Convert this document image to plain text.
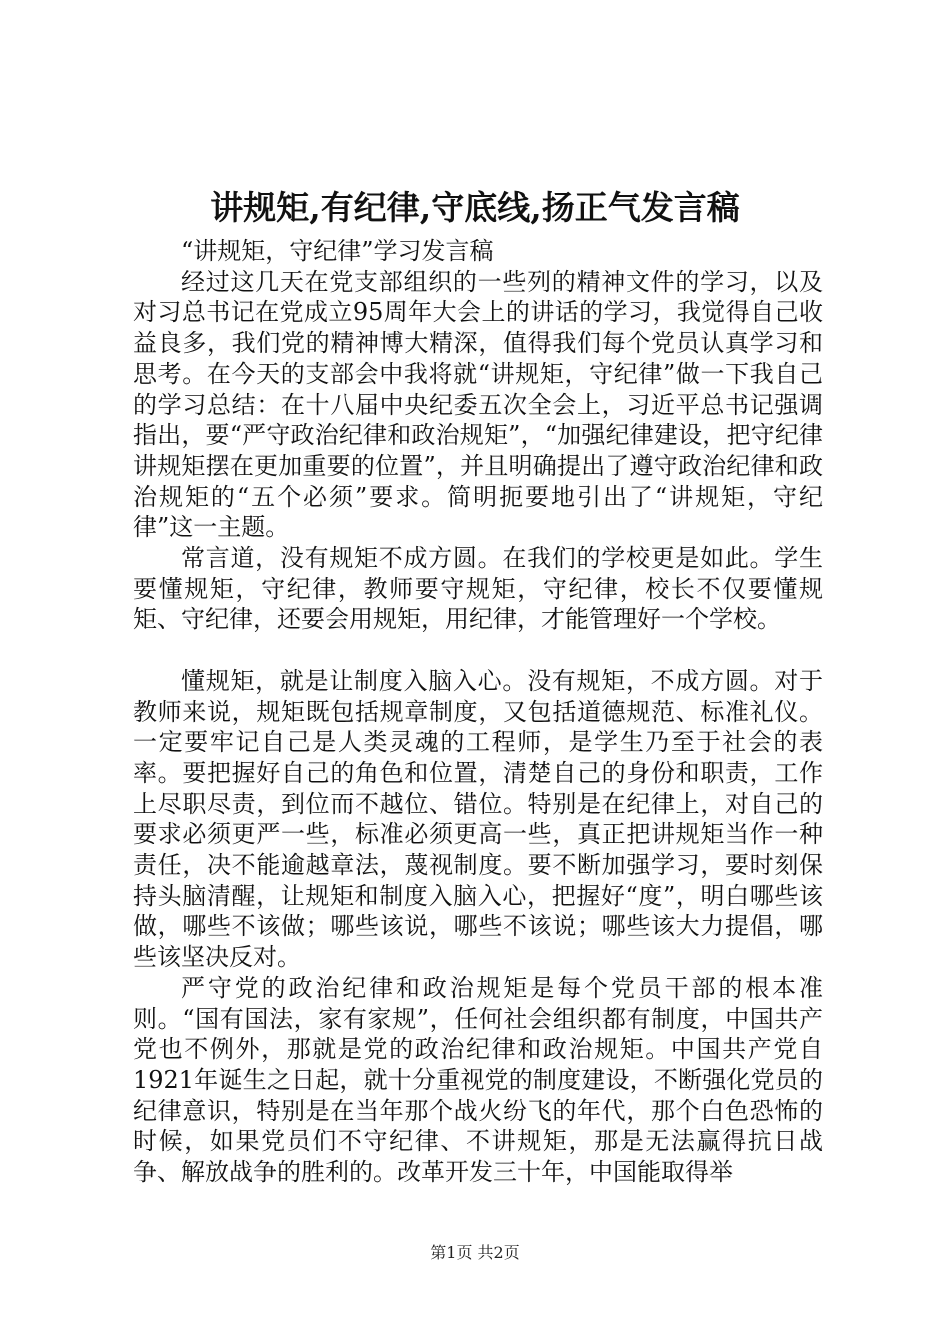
讲规矩,有纪律,守底线,扬正气发言稿

“讲规矩，守纪律”学习发言稿

经过这几天在党支部组织的一些列的精神文件的学习，以及对习总书记在党成立95周年大会上的讲话的学习，我觉得自己收益良多，我们党的精神博大精深，值得我们每个党员认真学习和思考。在今天的支部会中我将就“讲规矩，守纪律”做一下我自己的学习总结：在十八届中央纪委五次全会上，习近平总书记强调指出，要“严守政治纪律和政治规矩”，“加强纪律建设，把守纪律讲规矩摆在更加重要的位置”，并且明确提出了遵守政治纪律和政治规矩的“五个必须”要求。简明扼要地引出了“讲规矩，守纪律”这一主题。

常言道，没有规矩不成方圆。在我们的学校更是如此。学生要懂规矩，守纪律，教师要守规矩，守纪律，校长不仅要懂规矩、守纪律，还要会用规矩，用纪律，才能管理好一个学校。

懂规矩，就是让制度入脑入心。没有规矩，不成方圆。对于教师来说，规矩既包括规章制度，又包括道德规范、标准礼仪。一定要牢记自己是人类灵魂的工程师，是学生乃至于社会的表率。要把握好自己的角色和位置，清楚自己的身份和职责，工作上尽职尽责，到位而不越位、错位。特别是在纪律上，对自己的要求必须更严一些，标准必须更高一些，真正把讲规矩当作一种责任，决不能逾越章法，蔑视制度。要不断加强学习，要时刻保持头脑清醒，让规矩和制度入脑入心，把握好“度”，明白哪些该做，哪些不该做；哪些该说，哪些不该说；哪些该大力提倡，哪些该坚决反对。

严守党的政治纪律和政治规矩是每个党员干部的根本准则。“国有国法，家有家规”，任何社会组织都有制度，中国共产党也不例外，那就是党的政治纪律和政治规矩。中国共产党自1921年诞生之日起，就十分重视党的制度建设，不断强化党员的纪律意识，特别是在当年那个战火纷飞的年代，那个白色恐怖的时候，如果党员们不守纪律、不讲规矩，那是无法赢得抗日战争、解放战争的胜利的。改革开发三十年，中国能取得举

第1页 共2页
